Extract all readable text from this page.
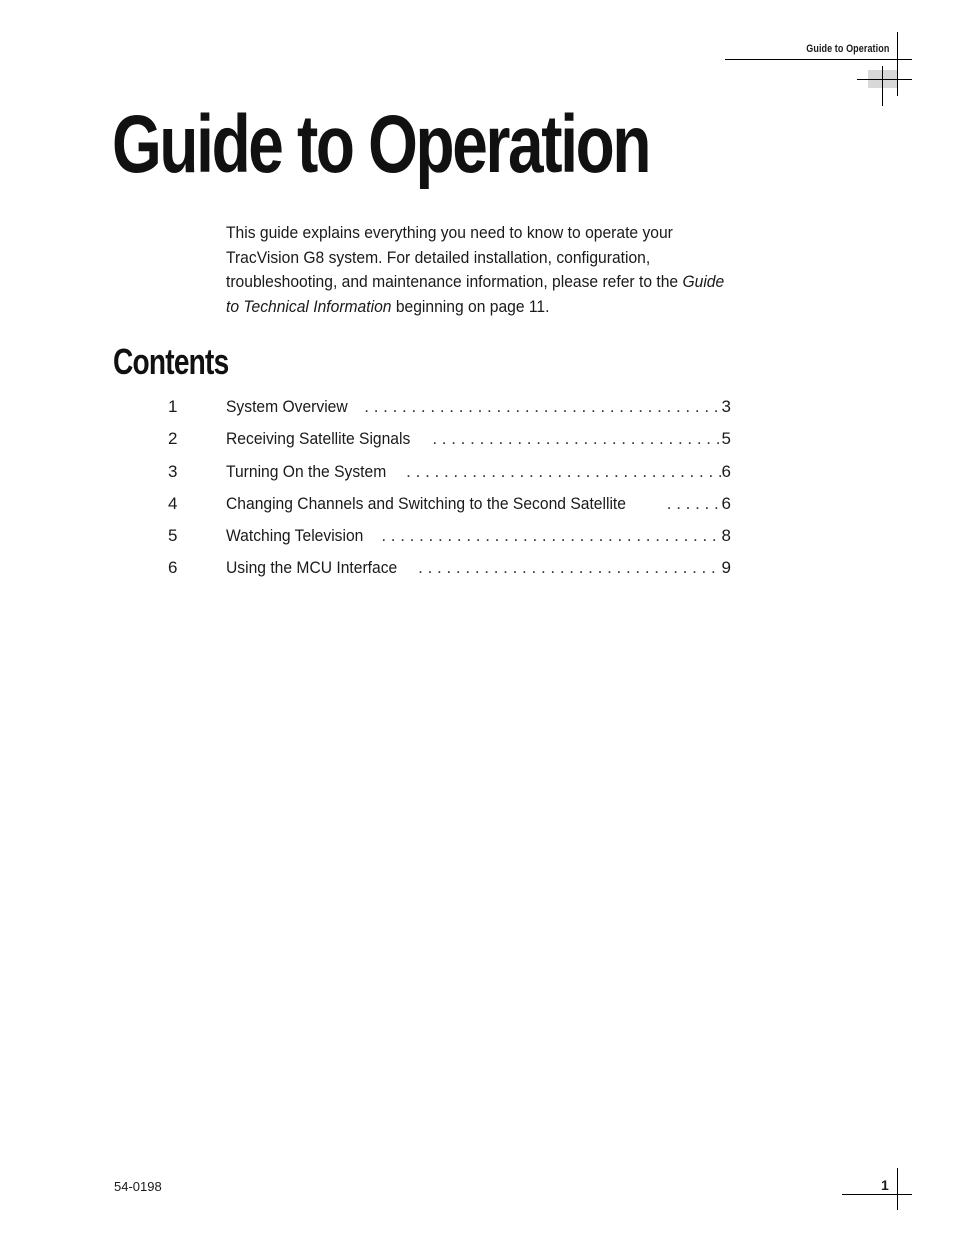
Guide to Operation
Guide to Operation

This guide explains everything you need to know to operate your TracVision G8 system. For detailed installation, configuration, troubleshooting, and maintenance information, please refer to the Guide to Technical Information beginning on page 11.

Contents
1	System Overview . . .	3
2	Receiving Satellite Signals . . .	5
3	Turning On the System . . .	6
4	Changing Channels and Switching to the Second Satellite . . .	6
5	Watching Television . . .	8
6	Using the MCU Interface . . .	9
54-0198	1
